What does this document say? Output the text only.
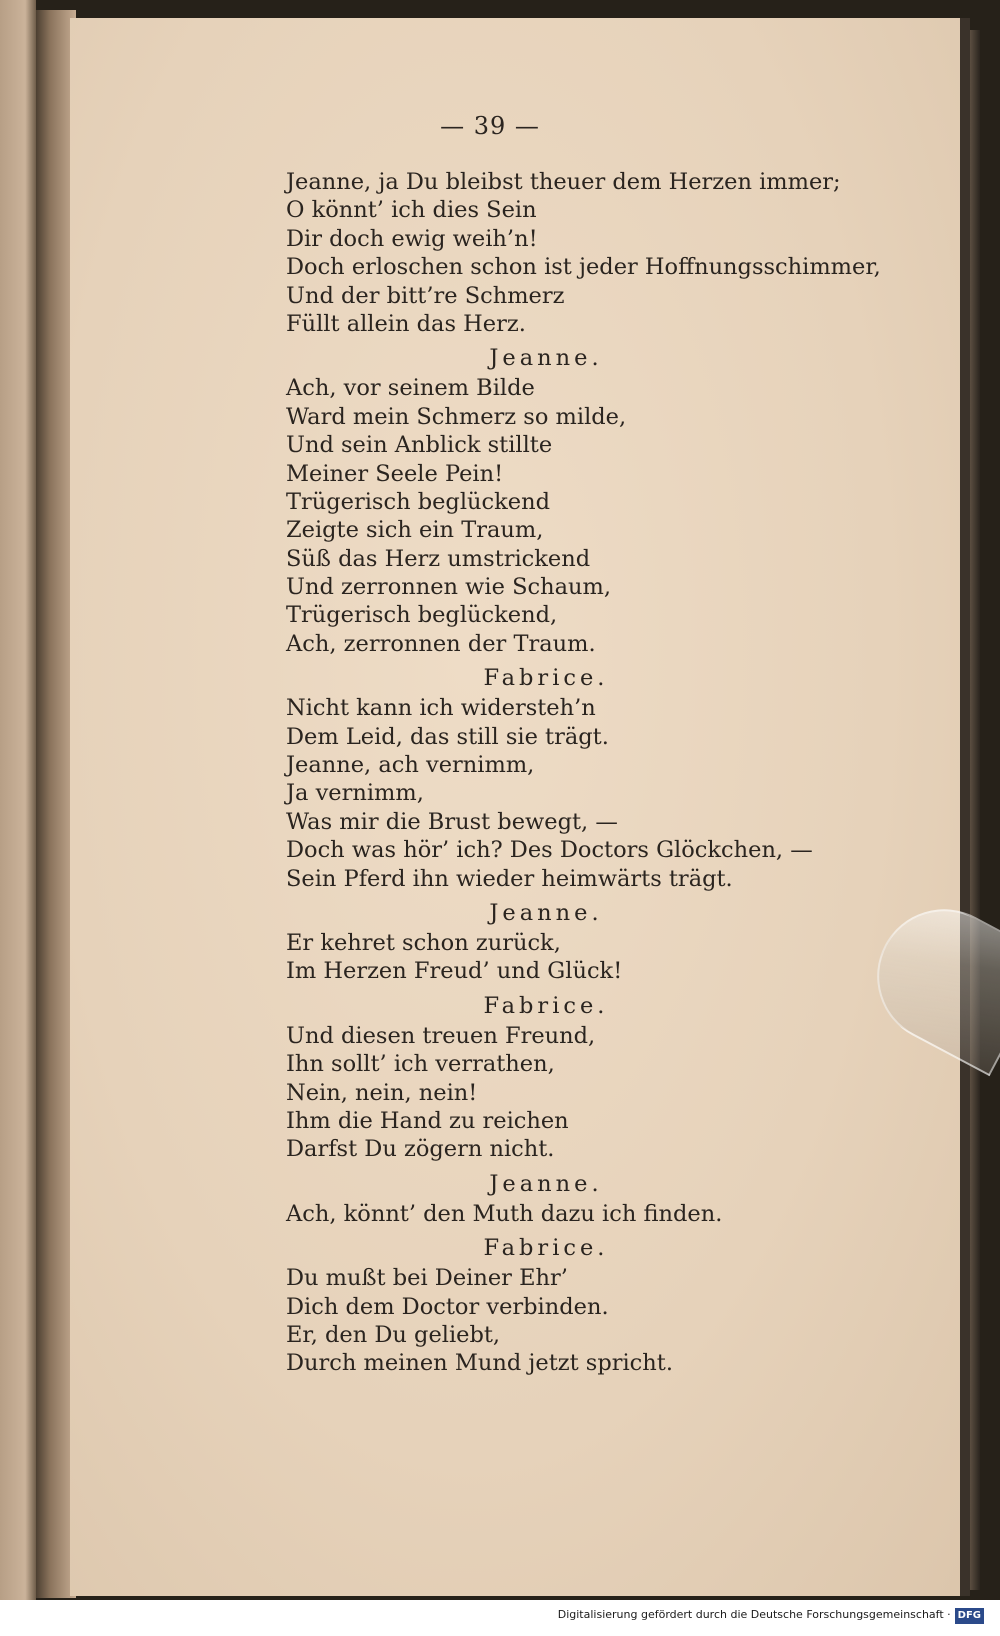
— 39 —
Jeanne, ja Du bleibst theuer dem Herzen immer;
O könnt’ ich dies Sein
Dir doch ewig weih’n!
Doch erloschen schon ist jeder Hoffnungsschimmer,
Und der bitt’re Schmerz
Füllt allein das Herz.
Jeanne.
Ach, vor seinem Bilde
Ward mein Schmerz so milde,
Und sein Anblick stillte
Meiner Seele Pein!
Trügerisch beglückend
Zeigte sich ein Traum,
Süß das Herz umstrickend
Und zerronnen wie Schaum,
Trügerisch beglückend,
Ach, zerronnen der Traum.
Fabrice.
Nicht kann ich widersteh’n
Dem Leid, das still sie trägt.
Jeanne, ach vernimm,
Ja vernimm,
Was mir die Brust bewegt, —
Doch was hör’ ich? Des Doctors Glöckchen, —
Sein Pferd ihn wieder heimwärts trägt.
Jeanne.
Er kehret schon zurück,
Im Herzen Freud’ und Glück!
Fabrice.
Und diesen treuen Freund,
Ihn sollt’ ich verrathen,
Nein, nein, nein!
Ihm die Hand zu reichen
Darfst Du zögern nicht.
Jeanne.
Ach, könnt’ den Muth dazu ich finden.
Fabrice.
Du mußt bei Deiner Ehr’
Dich dem Doctor verbinden.
Er, den Du geliebt,
Durch meinen Mund jetzt spricht.
Digitalisierung gefördert durch die Deutsche Forschungsgemeinschaft · DFG
